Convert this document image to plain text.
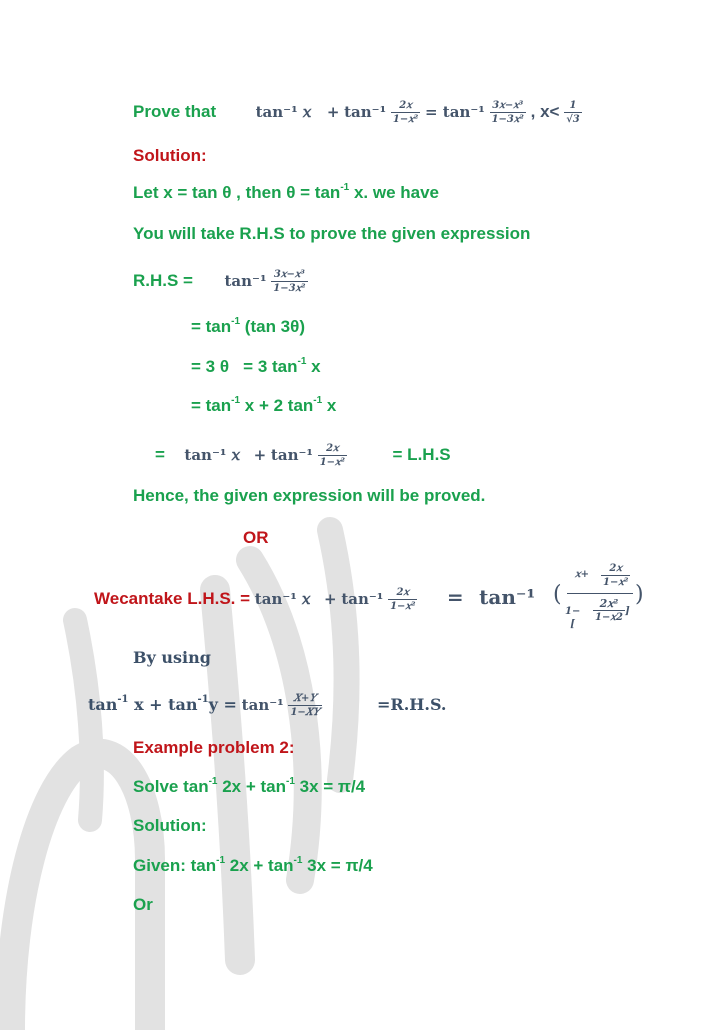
Prove that	tan⁻¹ 𝑥 + $\tan^{-1} \frac{\text{2𝑥}}{\text{1−𝑥²}} = \tan^{-1} \frac{\text{3𝑥−𝑥³}}{\text{1−3𝑥²}}$ , $x< \frac{1}{√3}$
Solution:
Let x = tan θ , then $\theta = \tan^{-1} x$. we have
You will take R.H.S to prove the given expression
$R.H.S = \tan^{-1} \frac{\text{3𝑥−𝑥³}}{\text{1−3𝑥²}}$
= $\tan^{-1} (\tan$ 3θ)
= 3 θ   = 3 $\tan^{-1} x$
= $\tan^{-1} x + 2$ $\tan^{-1} x$
= tan⁻¹ 𝑥 + $\tan^{-1} \frac{\text{2𝑥}}{\text{1−𝑥²}}$	= L.H.S
Hence, the given expression will be proved.
OR
Wecantake L.H.S. = tan⁻¹ 𝑥 + $\tan^{-1} \frac{\text{2𝑥}}{\text{1−𝑥²}} = \tan^{-1}$ (
2𝑥
1−𝑥²
𝑥+
1−[
2𝑥²
1−𝑥2
]
)
By using
$\tan^{-1} x + \tan^{-1}y = \tan^{-1} \frac{\text{𝑋+𝑌}}{\text{1−𝑋𝑌}}$	=R.H.S.
Example problem 2:
Solve $\tan^{-1} 2x + \tan^{-1} 3x = \pi/4$
Solution:
Given: $\tan^{-1} 2x + \tan^{-1} 3x = \pi/4$
Or
